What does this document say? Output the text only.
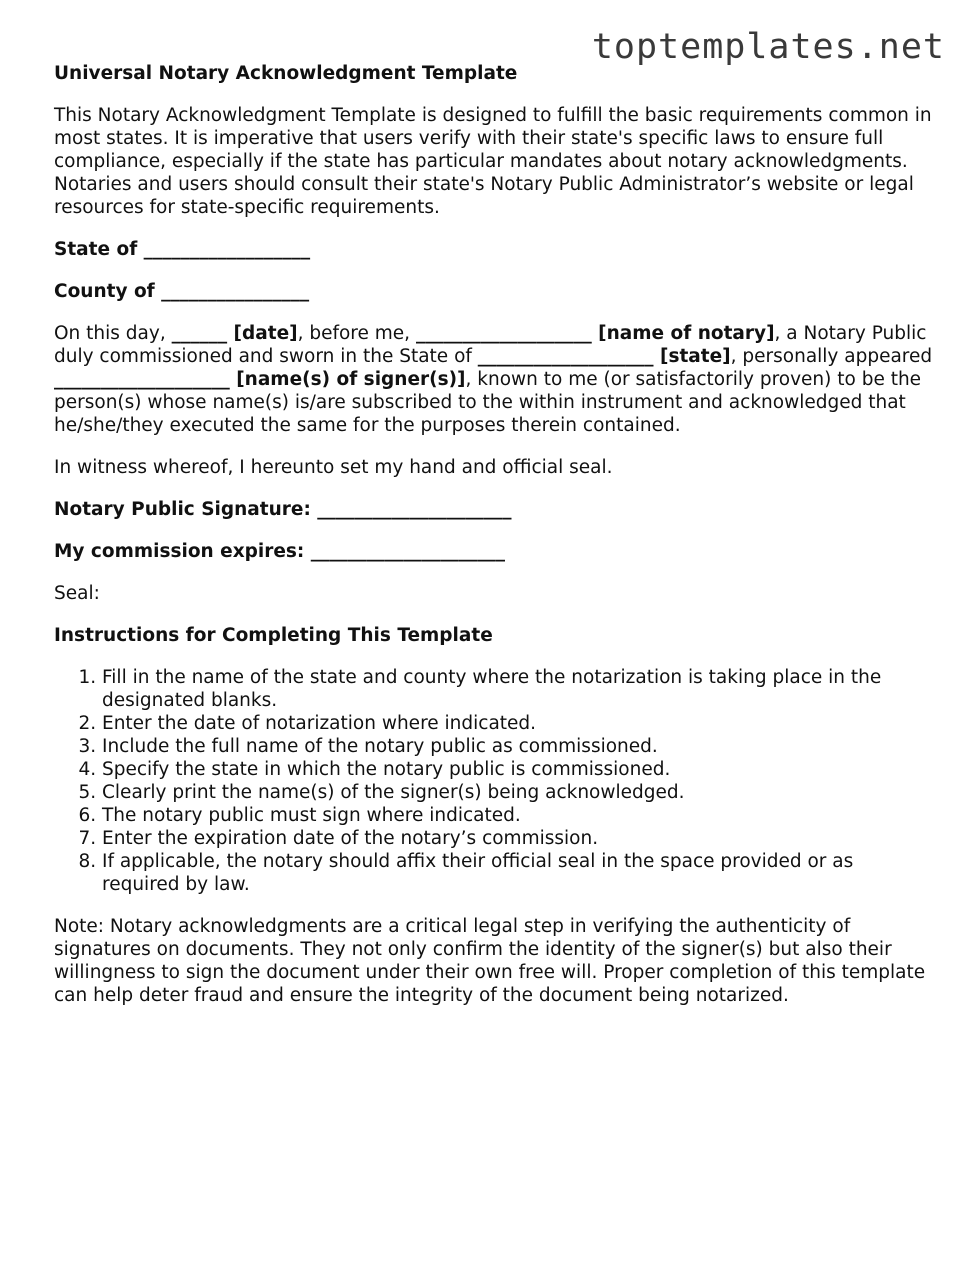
toptemplates.net
Universal Notary Acknowledgment Template

This Notary Acknowledgment Template is designed to fulfill the basic requirements common in most states. It is imperative that users verify with their state's specific laws to ensure full compliance, especially if the state has particular mandates about notary acknowledgments. Notaries and users should consult their state's Notary Public Administrator’s website or legal resources for state-specific requirements.

State of __________________

County of ________________

On this day, ______ [date], before me, ___________________ [name of notary], a Notary Public duly commissioned and sworn in the State of ___________________ [state], personally appeared ___________________ [name(s) of signer(s)], known to me (or satisfactorily proven) to be the person(s) whose name(s) is/are subscribed to the within instrument and acknowledged that he/she/they executed the same for the purposes therein contained.

In witness whereof, I hereunto set my hand and official seal.

Notary Public Signature: _____________________

My commission expires: _____________________

Seal:

Instructions for Completing This Template

1. Fill in the name of the state and county where the notarization is taking place in the designated blanks.
2. Enter the date of notarization where indicated.
3. Include the full name of the notary public as commissioned.
4. Specify the state in which the notary public is commissioned.
5. Clearly print the name(s) of the signer(s) being acknowledged.
6. The notary public must sign where indicated.
7. Enter the expiration date of the notary’s commission.
8. If applicable, the notary should affix their official seal in the space provided or as required by law.

Note: Notary acknowledgments are a critical legal step in verifying the authenticity of signatures on documents. They not only confirm the identity of the signer(s) but also their willingness to sign the document under their own free will. Proper completion of this template can help deter fraud and ensure the integrity of the document being notarized.
